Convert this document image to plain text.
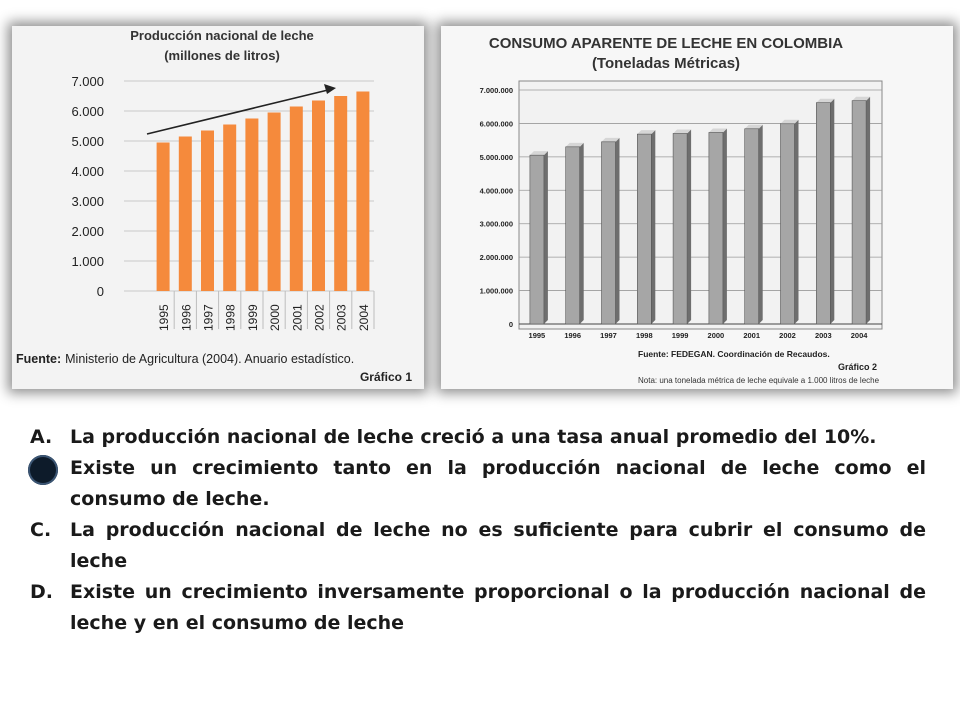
Producción nacional de leche
(millones de litros)
0
1.000
2.000
3.000
4.000
5.000
6.000
7.000
1995 1996 1997 1998 1999 2000 2001 2002 2003 2004
Fuente: Ministerio de Agricultura (2004). Anuario estadístico.
Gráfico 1
CONSUMO APARENTE DE LECHE EN COLOMBIA
(Toneladas Métricas)
0
1.000.000
2.000.000
3.000.000
4.000.000
5.000.000
6.000.000
7.000.000
1995	1996	1997	1998	1999	2000	2001	2002	2003	2004
Fuente: FEDEGAN. Coordinación de Recaudos.
Gráfico 2
Nota: una tonelada métrica de leche equivale a 1.000 litros de leche
A. La producción nacional de leche creció a una tasa anual promedio del 10%.
Existe un crecimiento tanto en la producción nacional de leche como el consumo de leche.
C. La producción nacional de leche no es suficiente para cubrir el consumo de leche
D. Existe un crecimiento inversamente proporcional o la producción nacional de leche y en el consumo de leche
